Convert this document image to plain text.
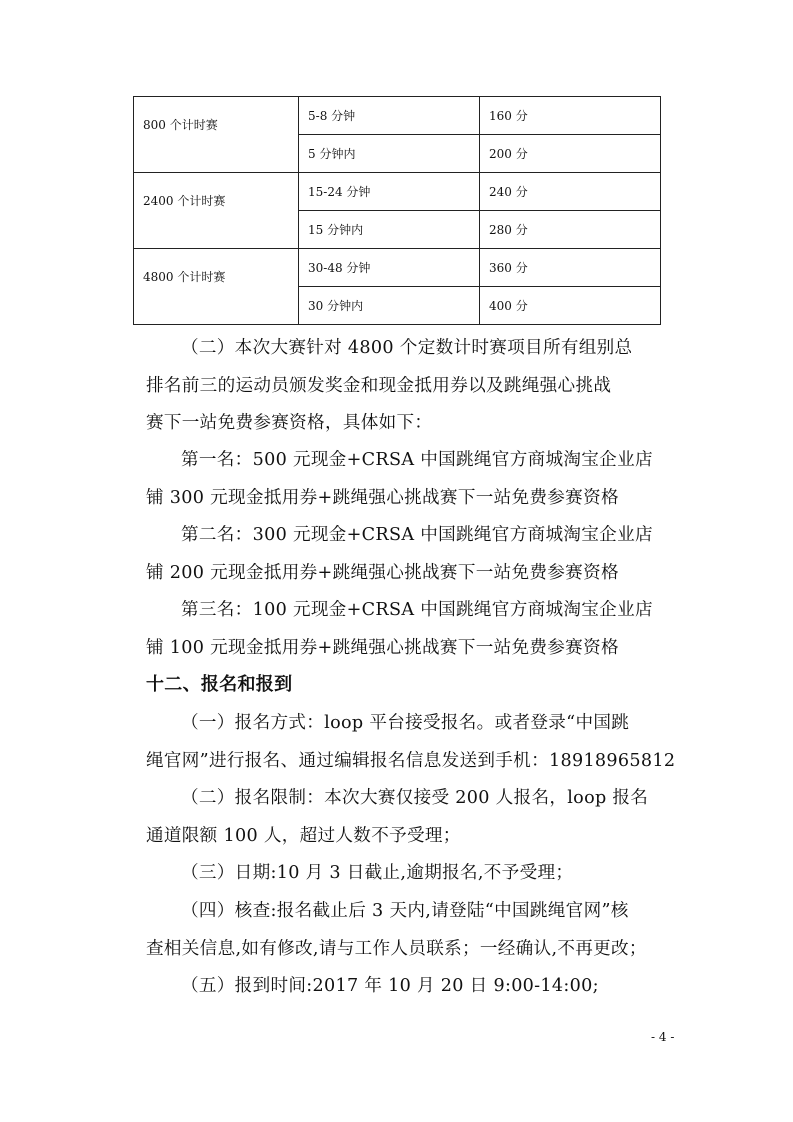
800 个计时赛	5-8 分钟	160 分
	5 分钟内	200 分
2400 个计时赛	15-24 分钟	240 分
	15 分钟内	280 分
4800 个计时赛	30-48 分钟	360 分
	30 分钟内	400 分
（二）本次大赛针对 4800 个定数计时赛项目所有组别总
排名前三的运动员颁发奖金和现金抵用券以及跳绳强心挑战
赛下一站免费参赛资格，具体如下：
第一名：500 元现金+CRSA 中国跳绳官方商城淘宝企业店
铺 300 元现金抵用券+跳绳强心挑战赛下一站免费参赛资格
第二名：300 元现金+CRSA 中国跳绳官方商城淘宝企业店
铺 200 元现金抵用券+跳绳强心挑战赛下一站免费参赛资格
第三名：100 元现金+CRSA 中国跳绳官方商城淘宝企业店
铺 100 元现金抵用券+跳绳强心挑战赛下一站免费参赛资格
十二、报名和报到
（一）报名方式：loop 平台接受报名。或者登录“中国跳
绳官网”进行报名、通过编辑报名信息发送到手机：18918965812
（二）报名限制：本次大赛仅接受 200 人报名，loop 报名
通道限额 100 人，超过人数不予受理；
（三）日期:10 月 3 日截止,逾期报名,不予受理；
（四）核查:报名截止后 3 天内,请登陆“中国跳绳官网”核
查相关信息,如有修改,请与工作人员联系；一经确认,不再更改；
（五）报到时间:2017 年 10 月 20 日 9:00-14:00;
- 4 -
